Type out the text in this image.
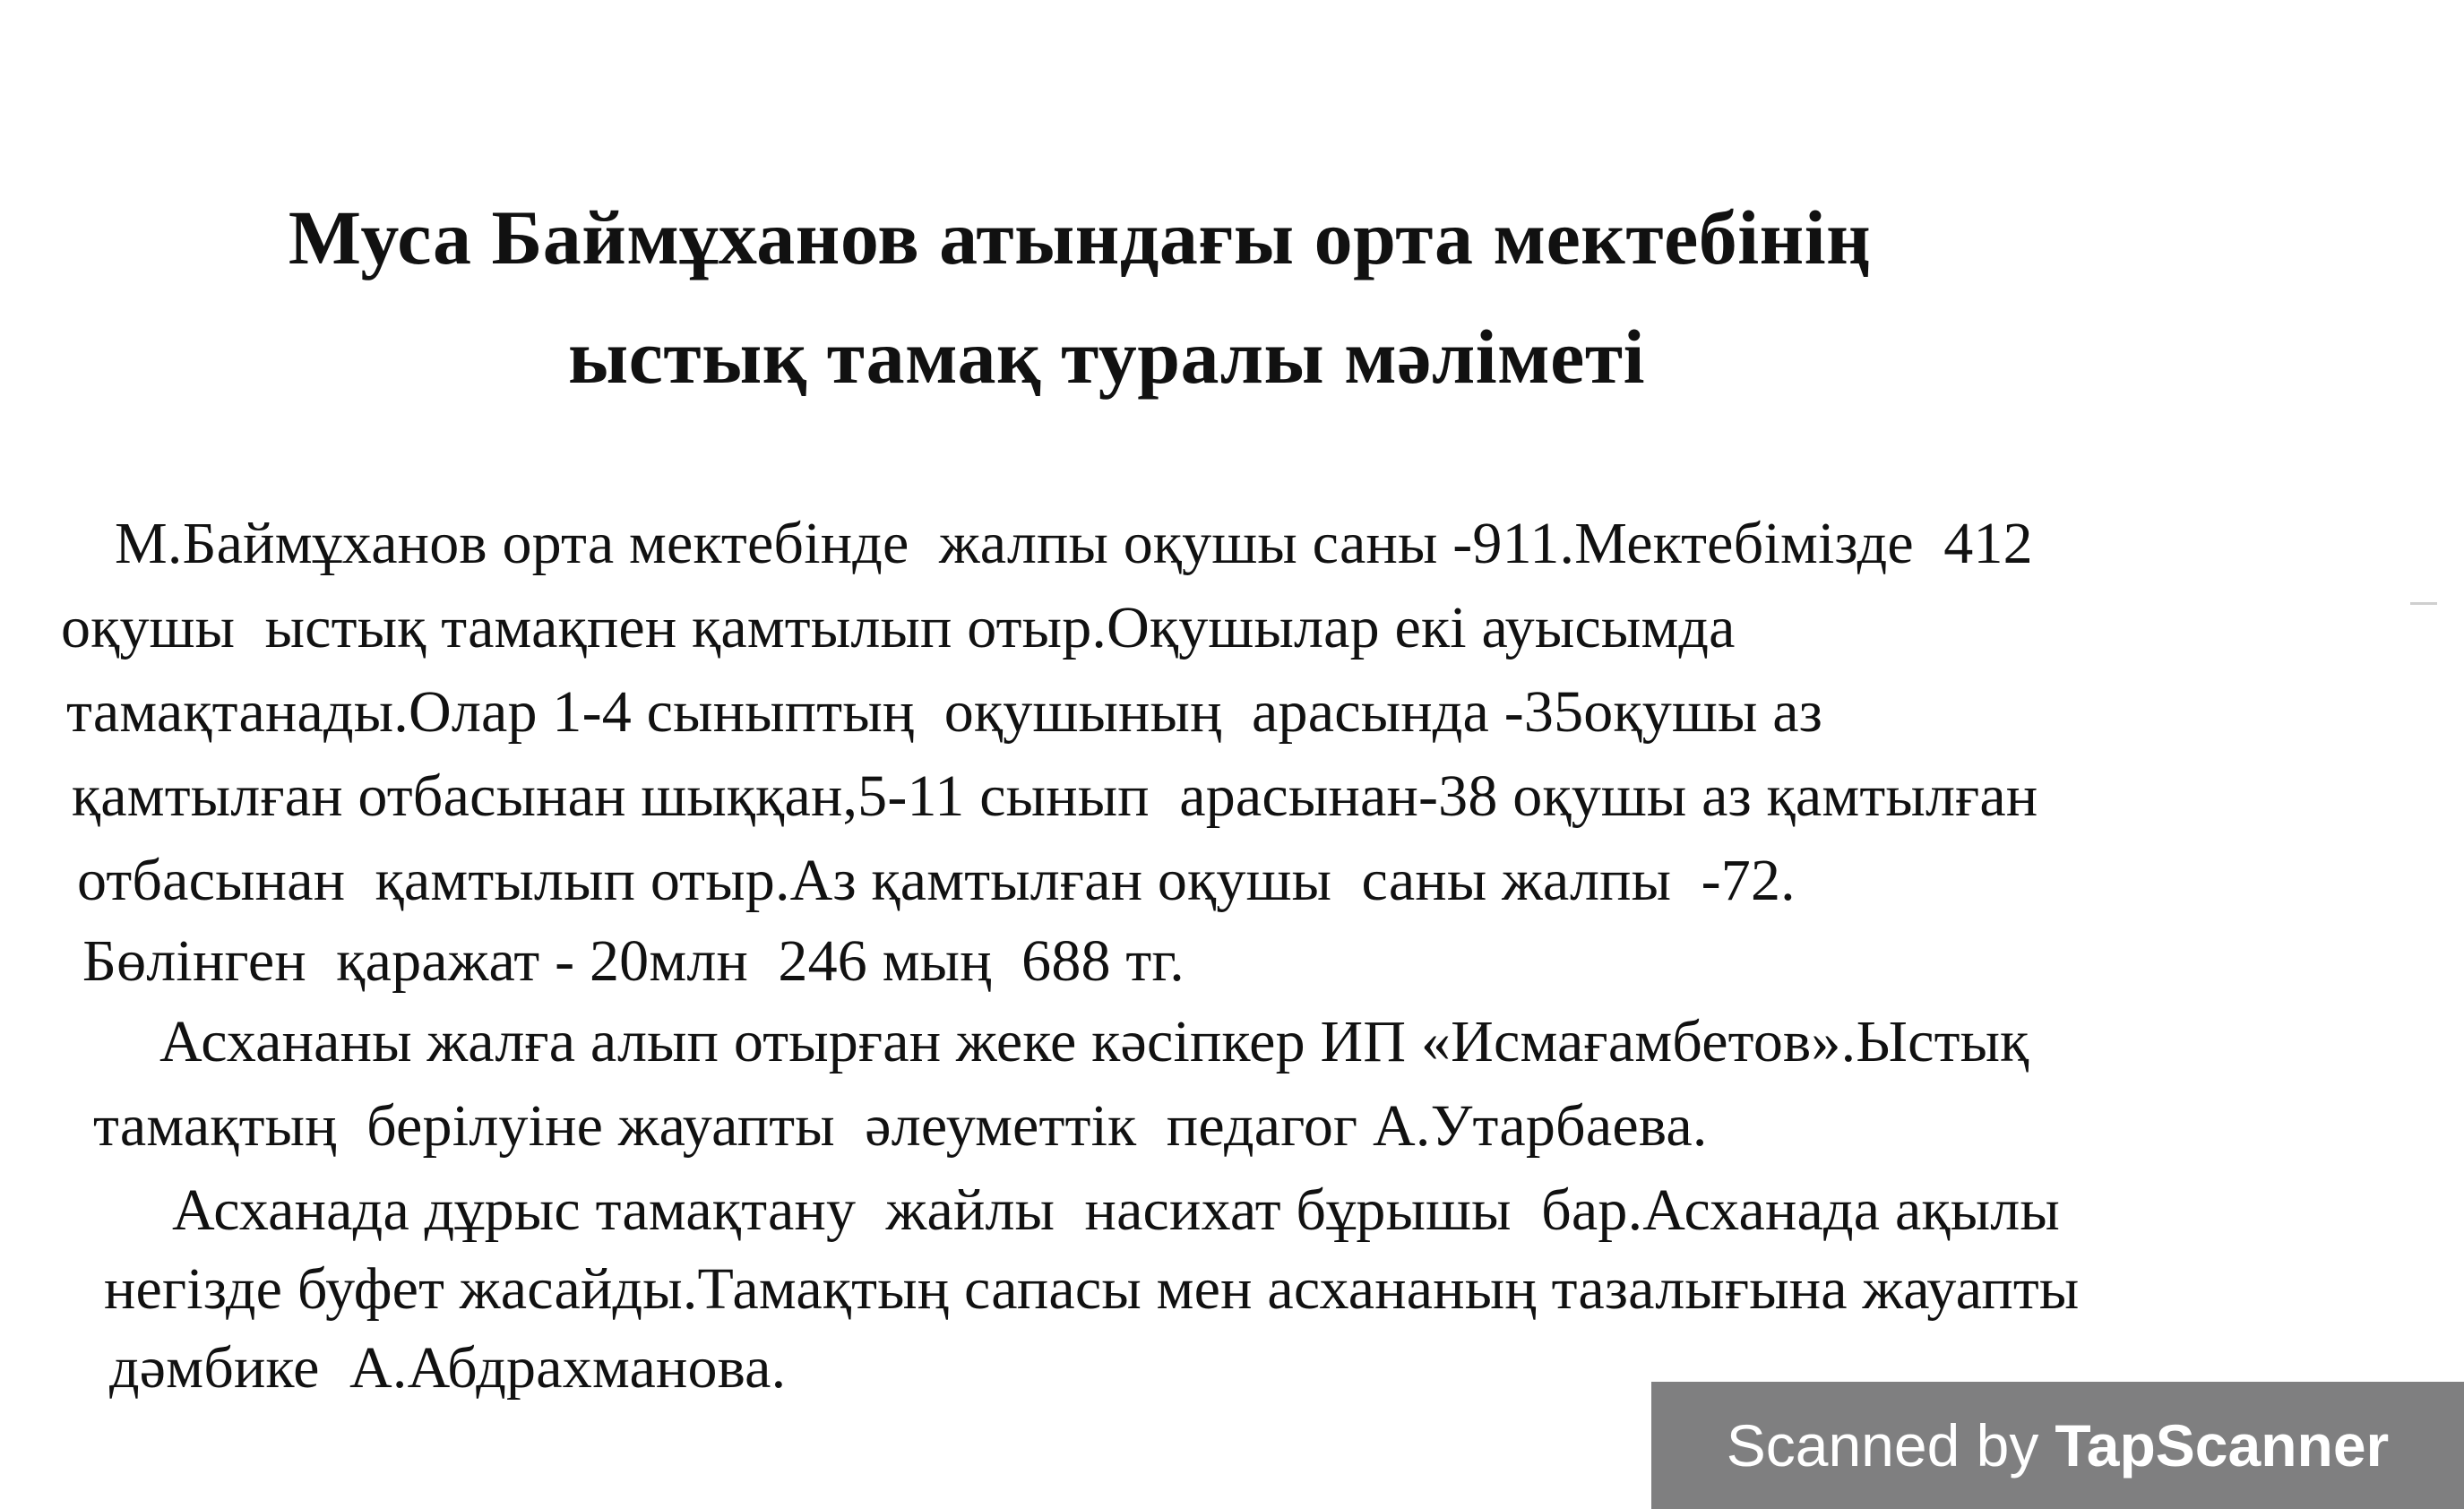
Муса Баймұханов атындағы орта мектебінің
ыстық тамақ туралы мәліметі
М.Баймұханов орта мектебінде  жалпы оқушы саны -911.Мектебімізде  412
оқушы  ыстық тамақпен қамтылып отыр.Оқушылар екі ауысымда
тамақтанады.Олар 1-4 сыныптың  оқушының  арасында -35оқушы аз
қамтылған отбасынан шыққан,5-11 сынып  арасынан-38 оқушы аз қамтылған
отбасынан  қамтылып отыр.Аз қамтылған оқушы  саны жалпы  -72.
Бөлінген  қаражат - 20млн  246 мың  688 тг.
Асхананы жалға алып отырған жеке кәсіпкер ИП «Исмағамбетов».Ыстық
тамақтың  берілуіне жауапты  әлеуметтік  педагог А.Утарбаева.
Асханада дұрыс тамақтану  жайлы  насихат бұрышы  бар.Асханада ақылы
негізде буфет жасайды.Тамақтың сапасы мен асхананың тазалығына жауапты
дәмбике  А.Абдрахманова.
Scanned by TapScanner
